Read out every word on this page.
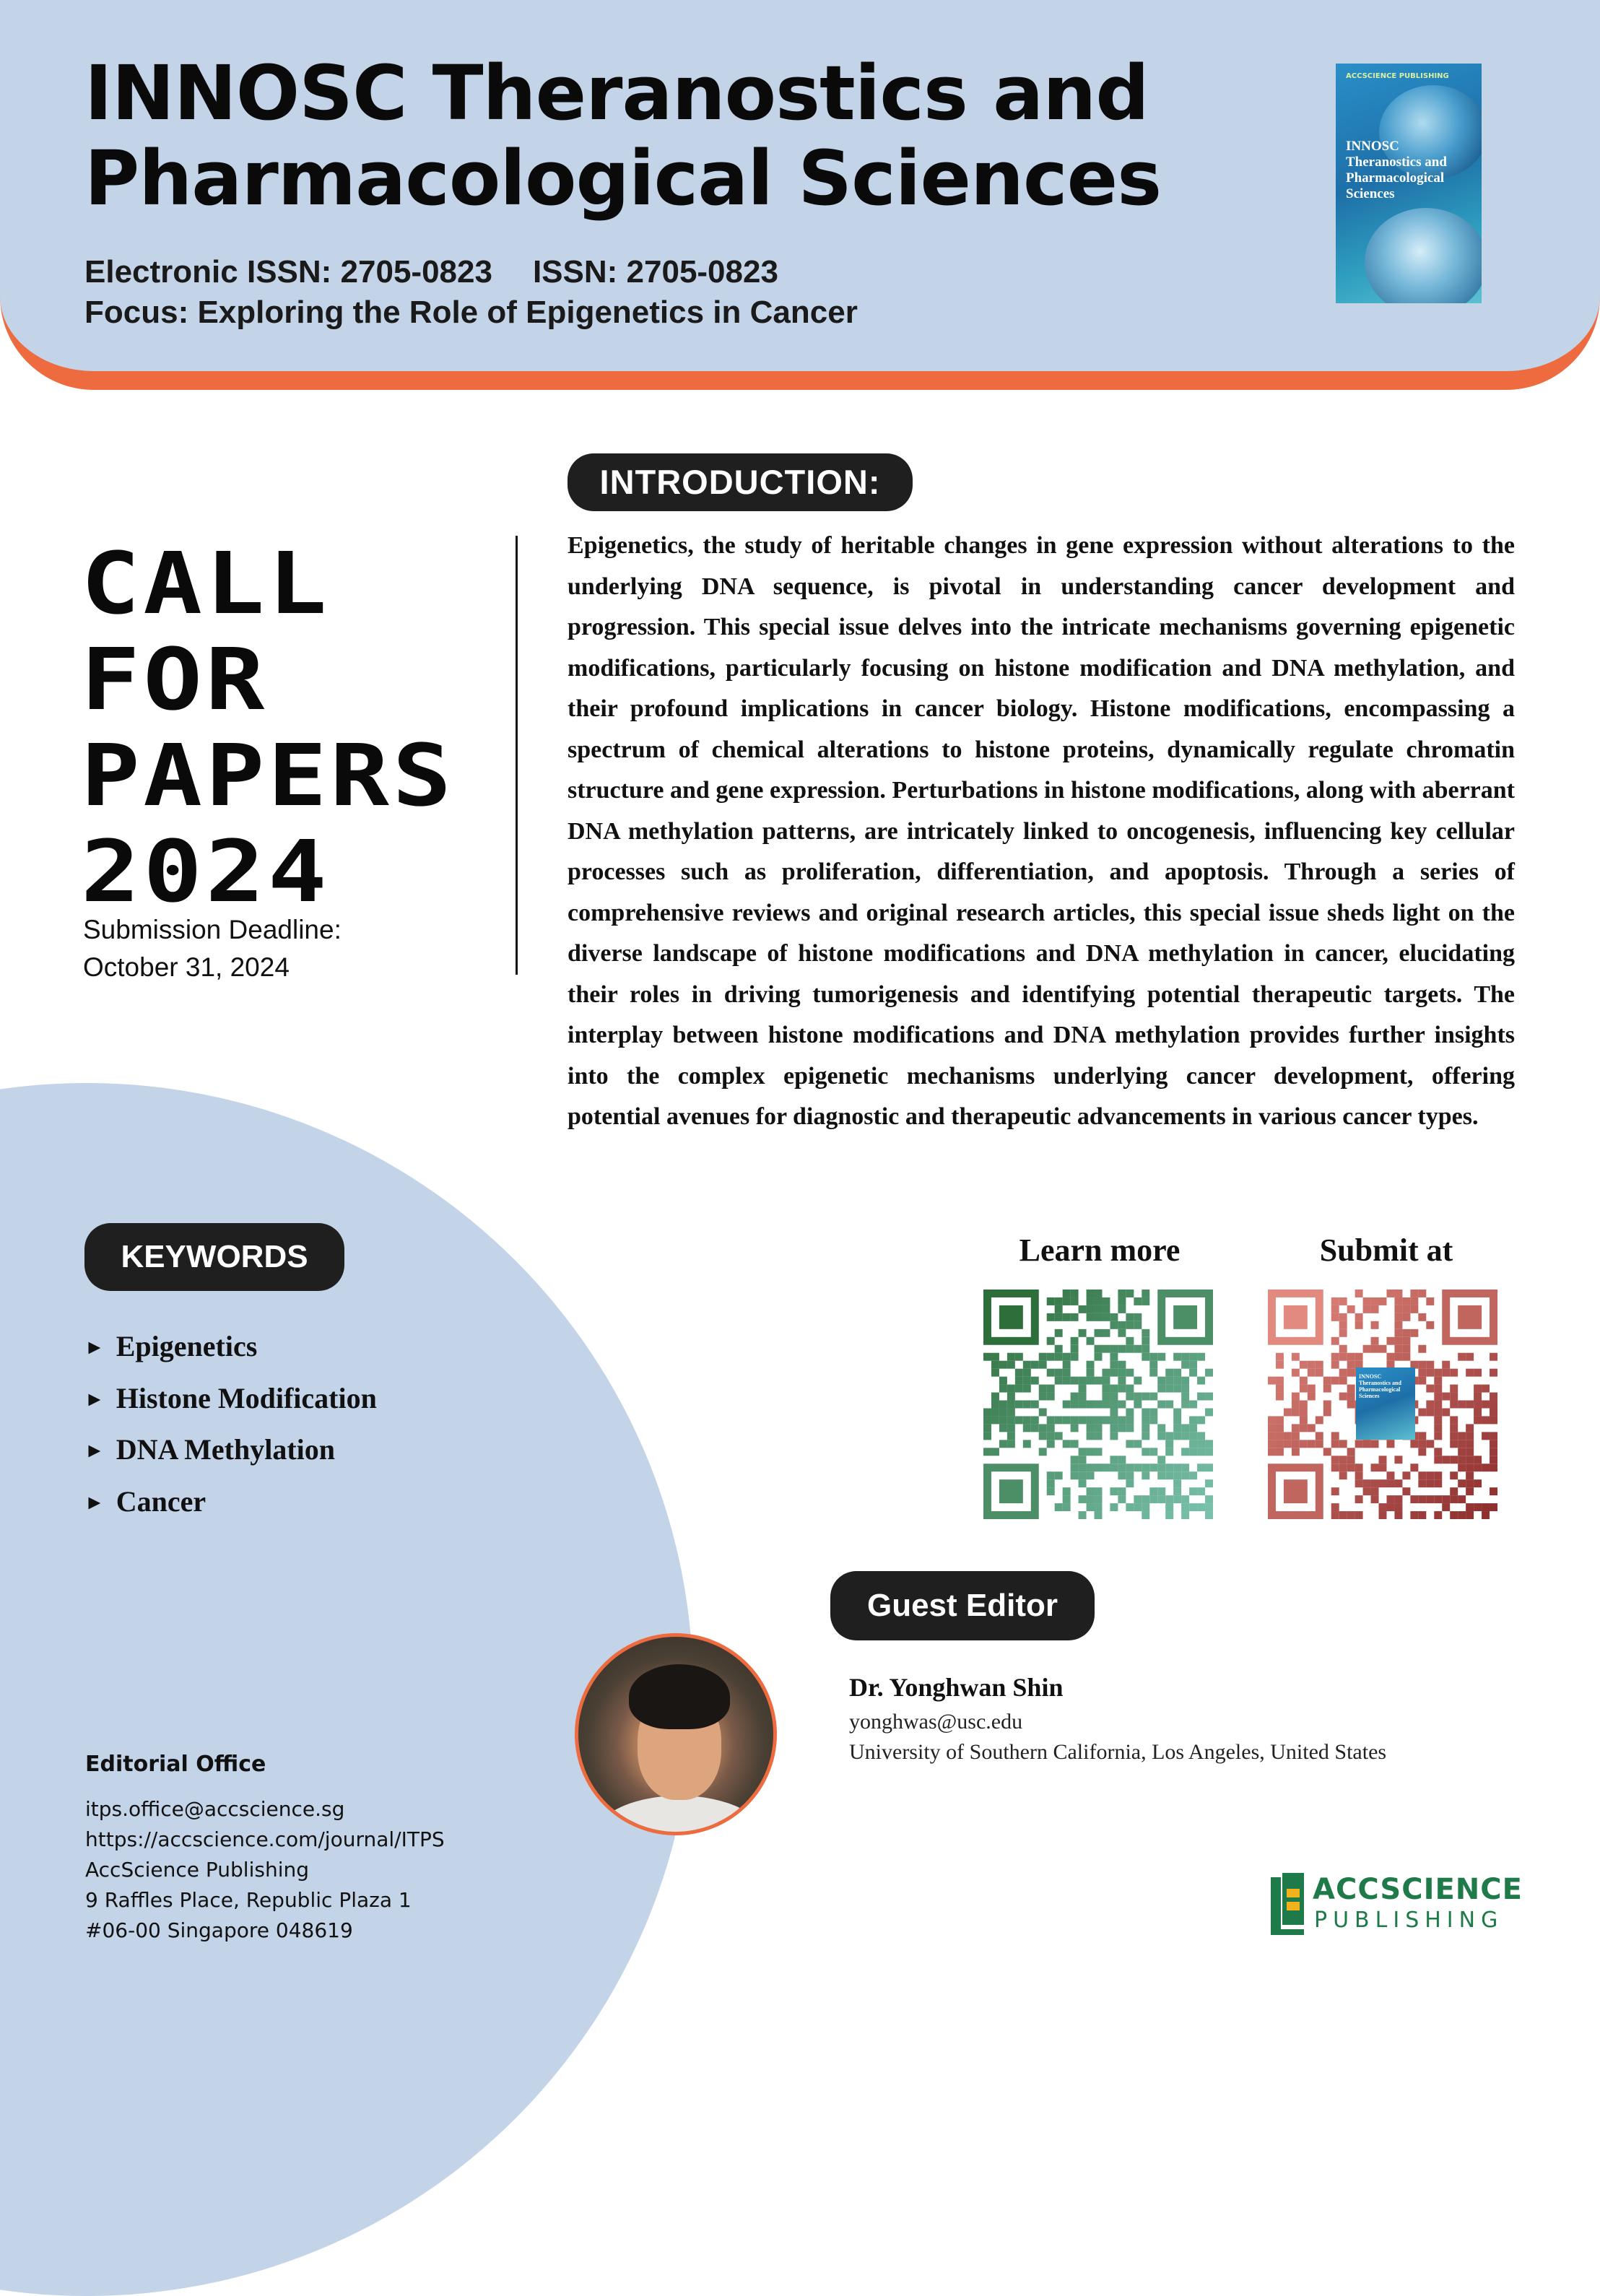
INNOSC Theranostics and Pharmacological Sciences
Electronic ISSN: 2705-0823 ISSN: 2705-0823
Focus: Exploring the Role of Epigenetics in Cancer
ACCSCIENCE PUBLISHING
INNOSC Theranostics and Pharmacological Sciences
CALL
FOR
PAPERS
2024
Submission Deadline:
October 31, 2024
INTRODUCTION:
Epigenetics, the study of heritable changes in gene expression without alterations to the underlying DNA sequence, is pivotal in understanding cancer development and progression. This special issue delves into the intricate mechanisms governing epigenetic modifications, particularly focusing on histone modification and DNA methylation, and their profound implications in cancer biology. Histone modifications, encompassing a spectrum of chemical alterations to histone proteins, dynamically regulate chromatin structure and gene expression. Perturbations in histone modifications, along with aberrant DNA methylation patterns, are intricately linked to oncogenesis, influencing key cellular processes such as proliferation, differentiation, and apoptosis. Through a series of comprehensive reviews and original research articles, this special issue sheds light on the diverse landscape of histone modifications and DNA methylation in cancer, elucidating their roles in driving tumorigenesis and identifying potential therapeutic targets. The interplay between histone modifications and DNA methylation provides further insights into the complex epigenetic mechanisms underlying cancer development, offering potential avenues for diagnostic and therapeutic advancements in various cancer types.
KEYWORDS
► Epigenetics
► Histone Modification
► DNA Methylation
► Cancer
Learn more	Submit at
INNOSC Theranostics and Pharmacological Sciences
Guest Editor
Dr. Yonghwan Shin
yonghwas@usc.edu
University of Southern California, Los Angeles, United States
Editorial Office
itps.office@accscience.sg
https://accscience.com/journal/ITPS
AccScience Publishing
9 Raffles Place, Republic Plaza 1
#06-00 Singapore 048619
ACCSCIENCE
PUBLISHING
